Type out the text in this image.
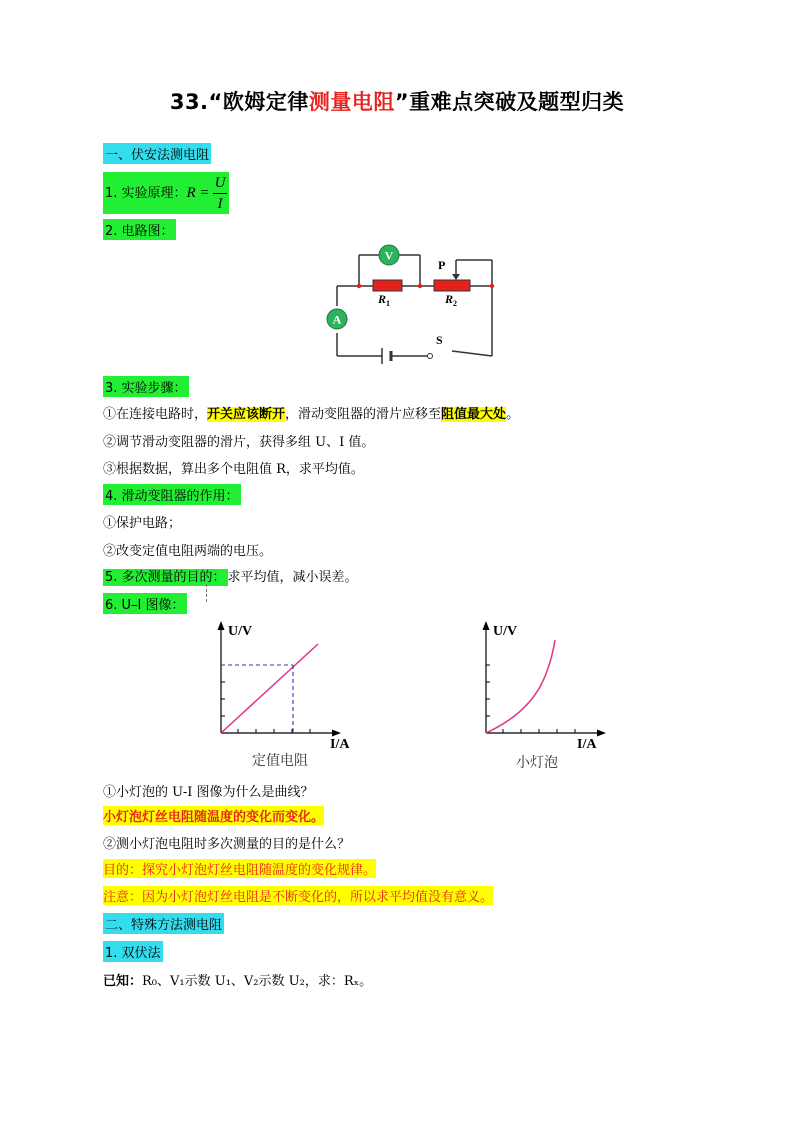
33.“欧姆定律测量电阻”重难点突破及题型归类
一、伏安法测电阻
1. 实验原理：$R = \frac{U}{I}$
2. 电路图：
V
A
R 1	R 2
P
S
3. 实验步骤：
①在连接电路时，开关应该断开，滑动变阻器的滑片应移至阻值最大处。
②调节滑动变阻器的滑片，获得多组 U、I 值。
③根据数据，算出多个电阻值 R，求平均值。
4. 滑动变阻器的作用：
①保护电路；
②改变定值电阻两端的电压。
5. 多次测量的目的： 求平均值，减小误差。
6. U–I 图像：
U/V
I/A
定值电阻
U/V
I/A
小灯泡
①小灯泡的 U-I 图像为什么是曲线？
小灯泡灯丝电阻随温度的变化而变化。
②测小灯泡电阻时多次测量的目的是什么？
目的：探究小灯泡灯丝电阻随温度的变化规律。
注意：因为小灯泡灯丝电阻是不断变化的，所以求平均值没有意义。
二、特殊方法测电阻
1. 双伏法
已知：R₀、V₁示数 U₁、V₂示数 U₂，求：Rₓ。
